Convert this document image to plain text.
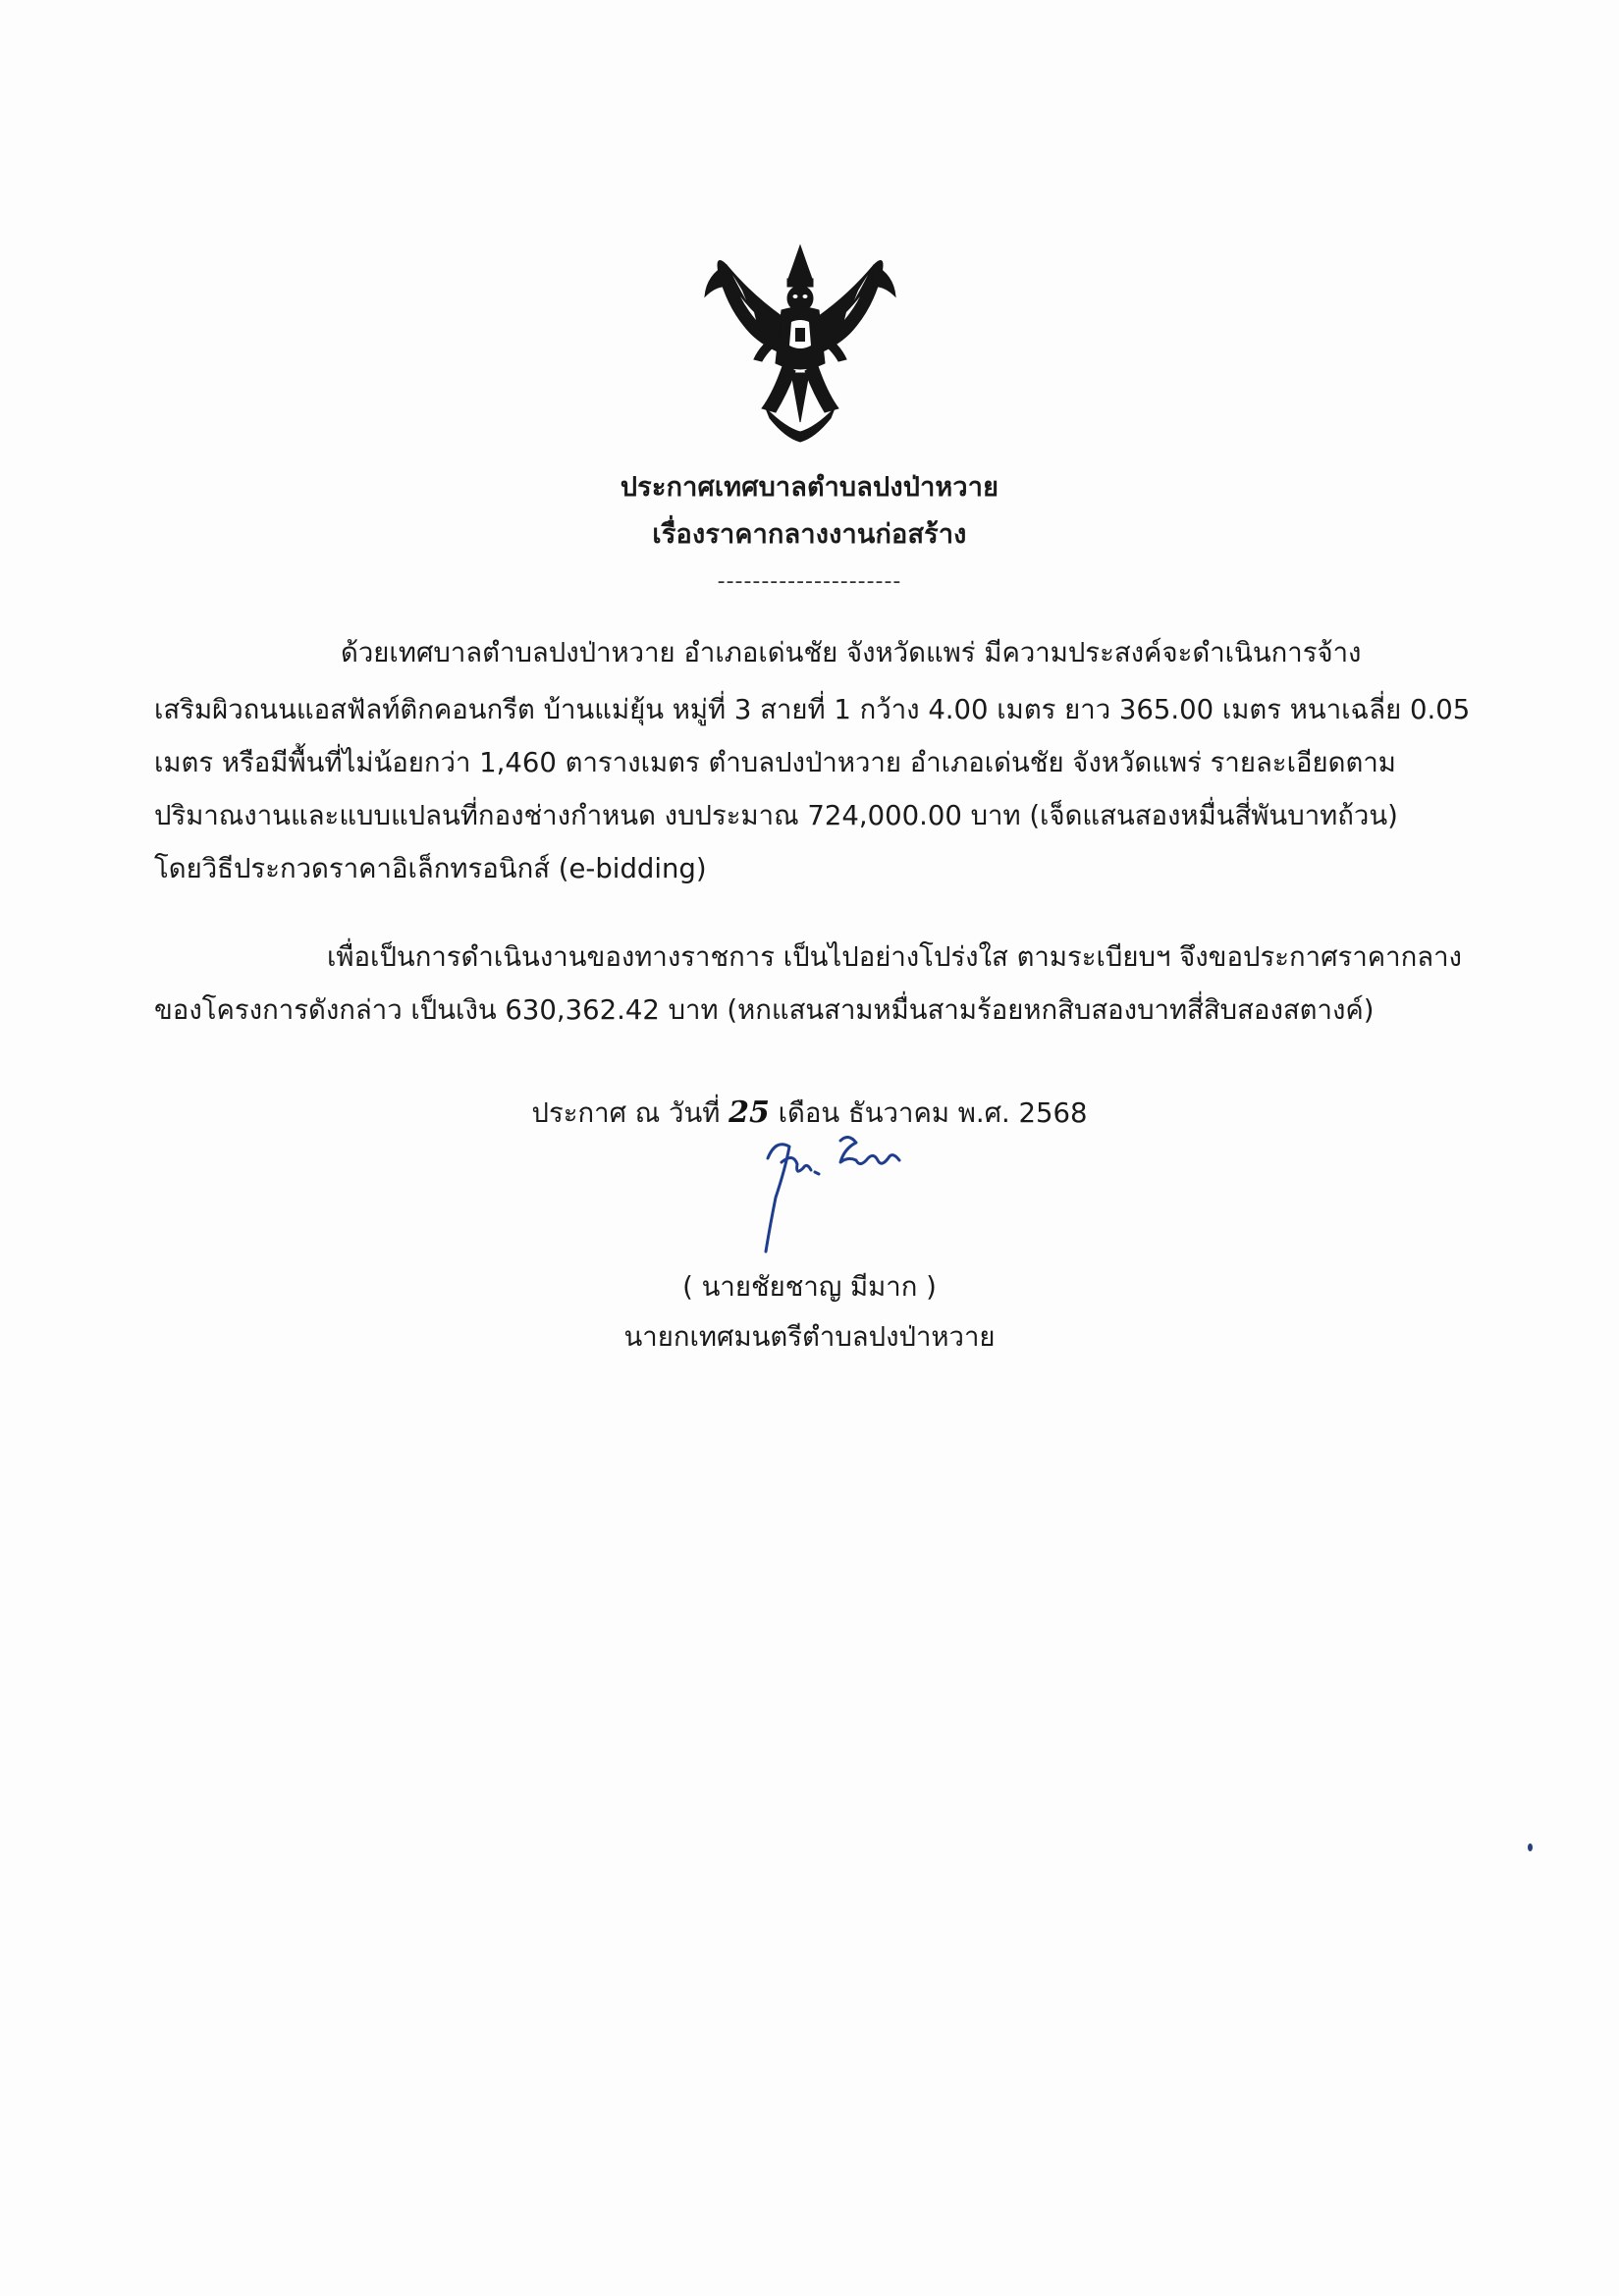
ประกาศเทศบาลตำบลปงป่าหวาย
เรื่องราคากลางงานก่อสร้าง
---------------------
ด้วยเทศบาลตำบลปงป่าหวาย อำเภอเด่นชัย จังหวัดแพร่ มีความประสงค์จะดำเนินการจ้าง
เสริมผิวถนนแอสฟัลท์ติกคอนกรีต บ้านแม่ยุ้น หมู่ที่ 3 สายที่ 1 กว้าง 4.00 เมตร ยาว 365.00 เมตร หนาเฉลี่ย 0.05
เมตร หรือมีพื้นที่ไม่น้อยกว่า 1,460 ตารางเมตร ตำบลปงป่าหวาย อำเภอเด่นชัย จังหวัดแพร่ รายละเอียดตาม
ปริมาณงานและแบบแปลนที่กองช่างกำหนด งบประมาณ 724,000.00 บาท (เจ็ดแสนสองหมื่นสี่พันบาทถ้วน)
โดยวิธีประกวดราคาอิเล็กทรอนิกส์ (e-bidding)
เพื่อเป็นการดำเนินงานของทางราชการ เป็นไปอย่างโปร่งใส ตามระเบียบฯ จึงขอประกาศราคากลาง
ของโครงการดังกล่าว เป็นเงิน 630,362.42 บาท (หกแสนสามหมื่นสามร้อยหกสิบสองบาทสี่สิบสองสตางค์)
ประกาศ ณ วันที่ 25 เดือน ธันวาคม พ.ศ. 2568
( นายชัยชาญ มีมาก )
นายกเทศมนตรีตำบลปงป่าหวาย
